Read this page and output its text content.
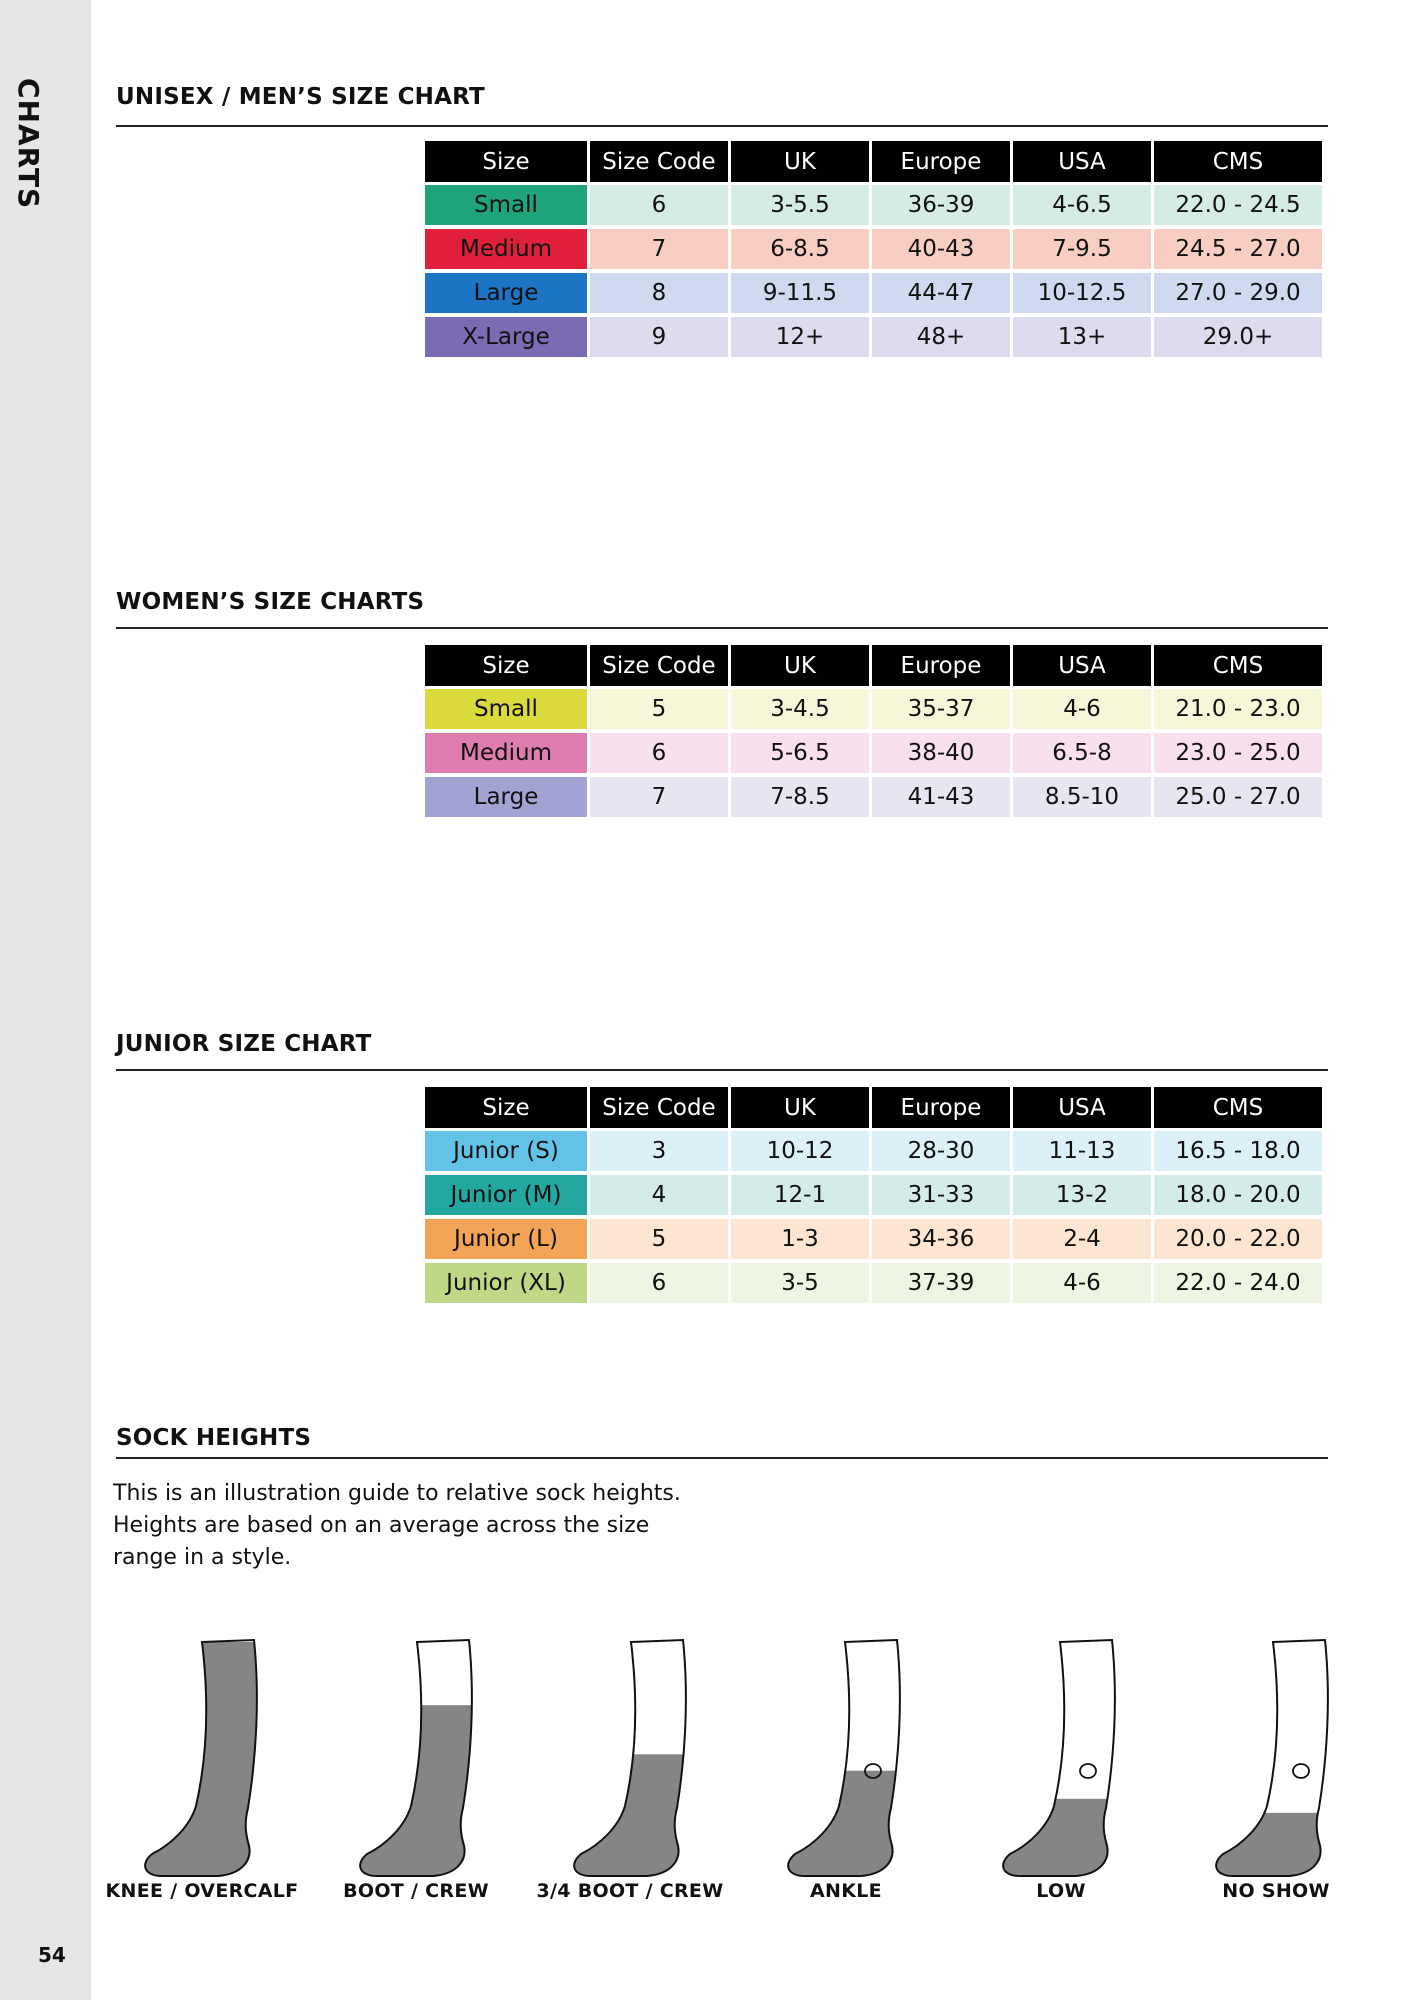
CHARTS
54
UNISEX / MEN’S SIZE CHART
Size	Size Code	UK	Europe	USA	CMS
Small	6	3-5.5	36-39	4-6.5	22.0 - 24.5
Medium	7	6-8.5	40-43	7-9.5	24.5 - 27.0
Large	8	9-11.5	44-47	10-12.5	27.0 - 29.0
X-Large	9	12+	48+	13+	29.0+
WOMEN’S SIZE CHARTS
Size	Size Code	UK	Europe	USA	CMS
Small	5	3-4.5	35-37	4-6	21.0 - 23.0
Medium	6	5-6.5	38-40	6.5-8	23.0 - 25.0
Large	7	7-8.5	41-43	8.5-10	25.0 - 27.0
JUNIOR SIZE CHART
Size	Size Code	UK	Europe	USA	CMS
Junior (S)	3	10-12	28-30	11-13	16.5 - 18.0
Junior (M)	4	12-1	31-33	13-2	18.0 - 20.0
Junior (L)	5	1-3	34-36	2-4	20.0 - 22.0
Junior (XL)	6	3-5	37-39	4-6	22.0 - 24.0
SOCK HEIGHTS
This is an illustration guide to relative sock heights.
Heights are based on an average across the size
range in a style.
KNEE / OVERCALF	BOOT / CREW	3/4 BOOT / CREW	ANKLE	LOW	NO SHOW
